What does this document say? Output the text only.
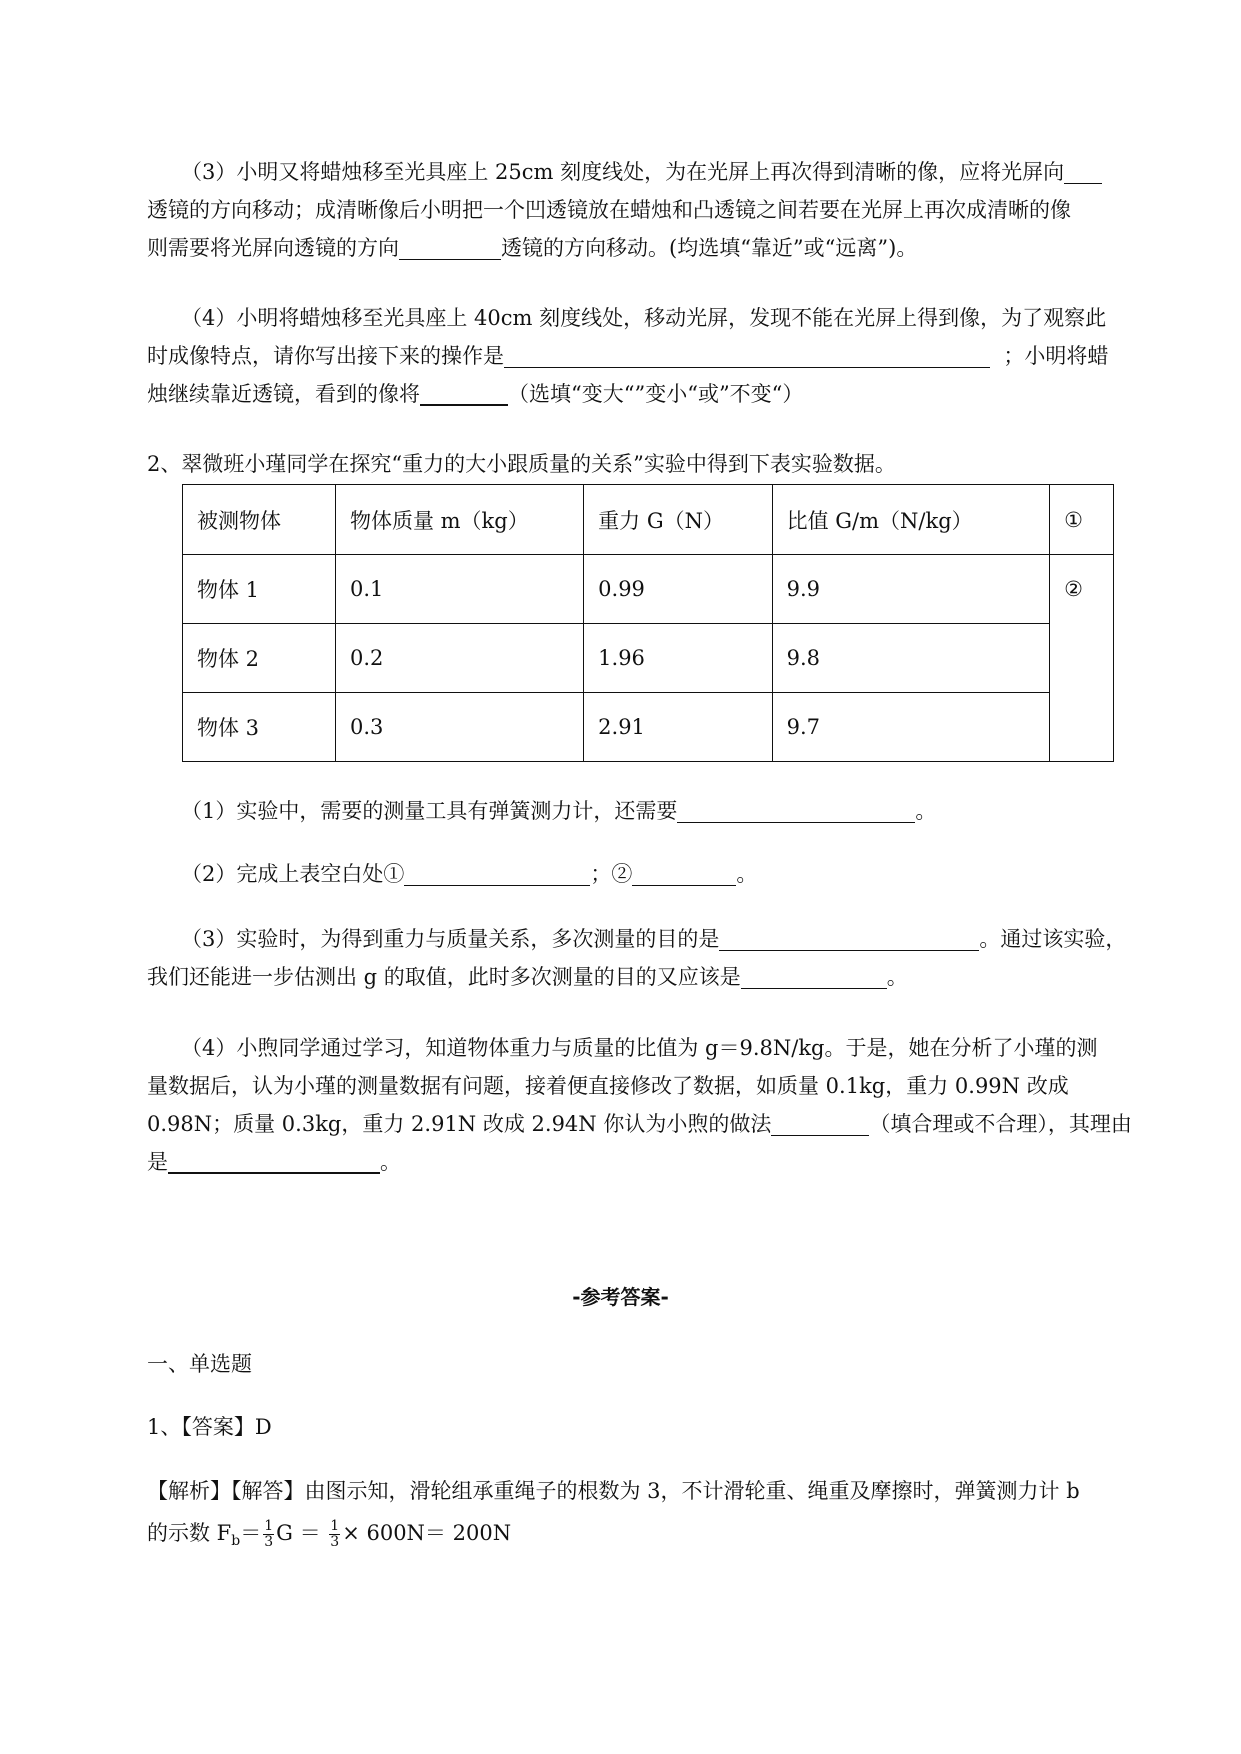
（3）小明又将蜡烛移至光具座上 25cm 刻度线处，为在光屏上再次得到清晰的像，应将光屏向
透镜的方向移动；成清晰像后小明把一个凹透镜放在蜡烛和凸透镜之间若要在光屏上再次成清晰的像
则需要将光屏向透镜的方向	透镜的方向移动。(均选填“靠近”或“远离”)。
（4）小明将蜡烛移至光具座上 40cm 刻度线处，移动光屏，发现不能在光屏上得到像，为了观察此
时成像特点，请你写出接下来的操作是	；小明将蜡
烛继续靠近透镜，看到的像将	（选填“变大“”变小“或”不变“）
2、翠微班小瑾同学在探究“重力的大小跟质量的关系”实验中得到下表实验数据。
被测物体	物体质量 m（kg）	重力 G（N）	比值 G/m（N/kg）	①
物体 1	0.1	0.99	9.9	②
物体 2	0.2	1.96	9.8	
物体 3	0.3	2.91	9.7	
（1）实验中，需要的测量工具有弹簧测力计，还需要	。
（2）完成上表空白处①	；②	。
（3）实验时，为得到重力与质量关系，多次测量的目的是	。通过该实验，
我们还能进一步估测出 g 的取值，此时多次测量的目的又应该是	。
（4）小煦同学通过学习，知道物体重力与质量的比值为 g＝9.8N/kg。于是，她在分析了小瑾的测
量数据后，认为小瑾的测量数据有问题，接着便直接修改了数据，如质量 0.1kg，重力 0.99N 改成
0.98N；质量 0.3kg，重力 2.91N 改成 2.94N 你认为小煦的做法	（填合理或不合理），其理由
是	。
-参考答案-
一、单选题
1、【答案】D
【解析】【解答】由图示知，滑轮组承重绳子的根数为 3，不计滑轮重、绳重及摩擦时，弹簧测力计 b
的示数 $F_b= \frac{1}{3}$ $G = \frac{1}{3} \times 600N= 200N$
